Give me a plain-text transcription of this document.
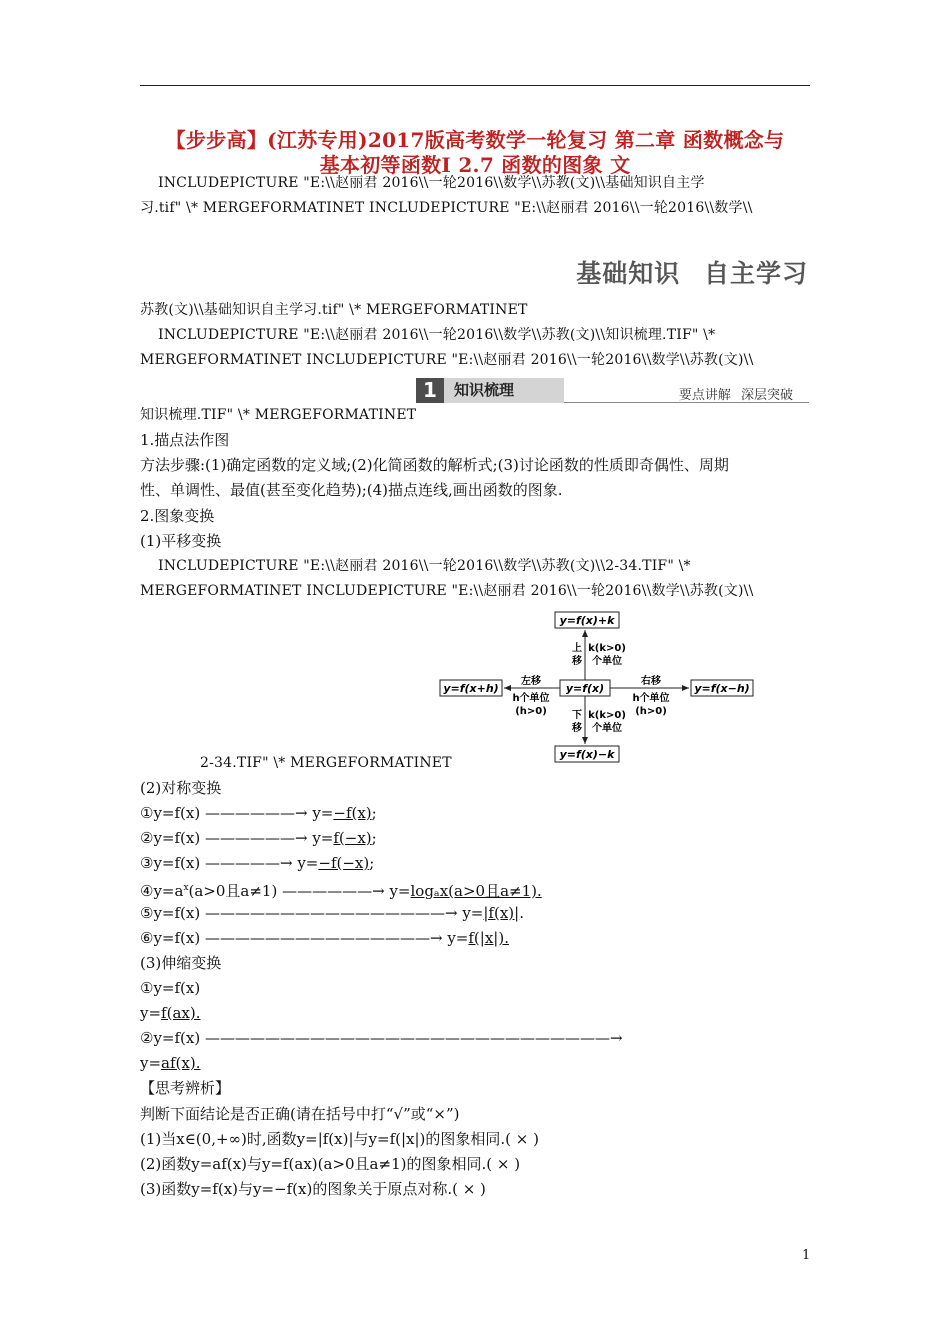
【步步高】(江苏专用)2017版高考数学一轮复习 第二章 函数概念与
基本初等函数Ⅰ 2.7 函数的图象 文
INCLUDEPICTURE "E:\\赵丽君 2016\\一轮2016\\数学\\苏教(文)\\基础知识自主学
习.tif" \* MERGEFORMATINET INCLUDEPICTURE "E:\\赵丽君 2016\\一轮2016\\数学\\
基础知识 自主学习
苏教(文)\\基础知识自主学习.tif" \* MERGEFORMATINET
INCLUDEPICTURE "E:\\赵丽君 2016\\一轮2016\\数学\\苏教(文)\\知识梳理.TIF" \*
MERGEFORMATINET INCLUDEPICTURE "E:\\赵丽君 2016\\一轮2016\\数学\\苏教(文)\\
1	知识梳理	要点讲解 深层突破
知识梳理.TIF" \* MERGEFORMATINET
1.描点法作图
方法步骤:(1)确定函数的定义域;(2)化简函数的解析式;(3)讨论函数的性质即奇偶性、周期
性、单调性、最值(甚至变化趋势);(4)描点连线,画出函数的图象.
2.图象变换
(1)平移变换
INCLUDEPICTURE "E:\\赵丽君 2016\\一轮2016\\数学\\苏教(文)\\2-34.TIF" \*
MERGEFORMATINET INCLUDEPICTURE "E:\\赵丽君 2016\\一轮2016\\数学\\苏教(文)\\
y=f(x)+k
y=f(x)
y=f(x+h)	y=f(x−h)
y=f(x)−k
上
移
k(k>0)
个单位
左移
h个单位
(h>0)
右移
h个单位
(h>0)
下
移
k(k>0)
个单位
2-34.TIF" \* MERGEFORMATINET
(2)对称变换
①y=f(x) ——————→ y=−f(x);
②y=f(x) ——————→ y=f(−x);
③y=f(x) —————→ y=−f(−x);
$④y=a^x(a>0$且a≠1) ——————→ y=logₐx(a>0且a≠1).
⑤y=f(x) ————————————————→ y=|f(x)|.
⑥y=f(x) ———————————————→ y=f(|x|).
(3)伸缩变换
①y=f(x)
y=f(ax).
②y=f(x) ———————————————————————————→
y=af(x).
【思考辨析】
判断下面结论是否正确(请在括号中打“√”或“×”)
(1)当x∈(0,+∞)时,函数y=|f(x)|与y=f(|x|)的图象相同.( × )
(2)函数y=af(x)与y=f(ax)(a>0且a≠1)的图象相同.( × )
(3)函数y=f(x)与y=−f(x)的图象关于原点对称.( × )
1
